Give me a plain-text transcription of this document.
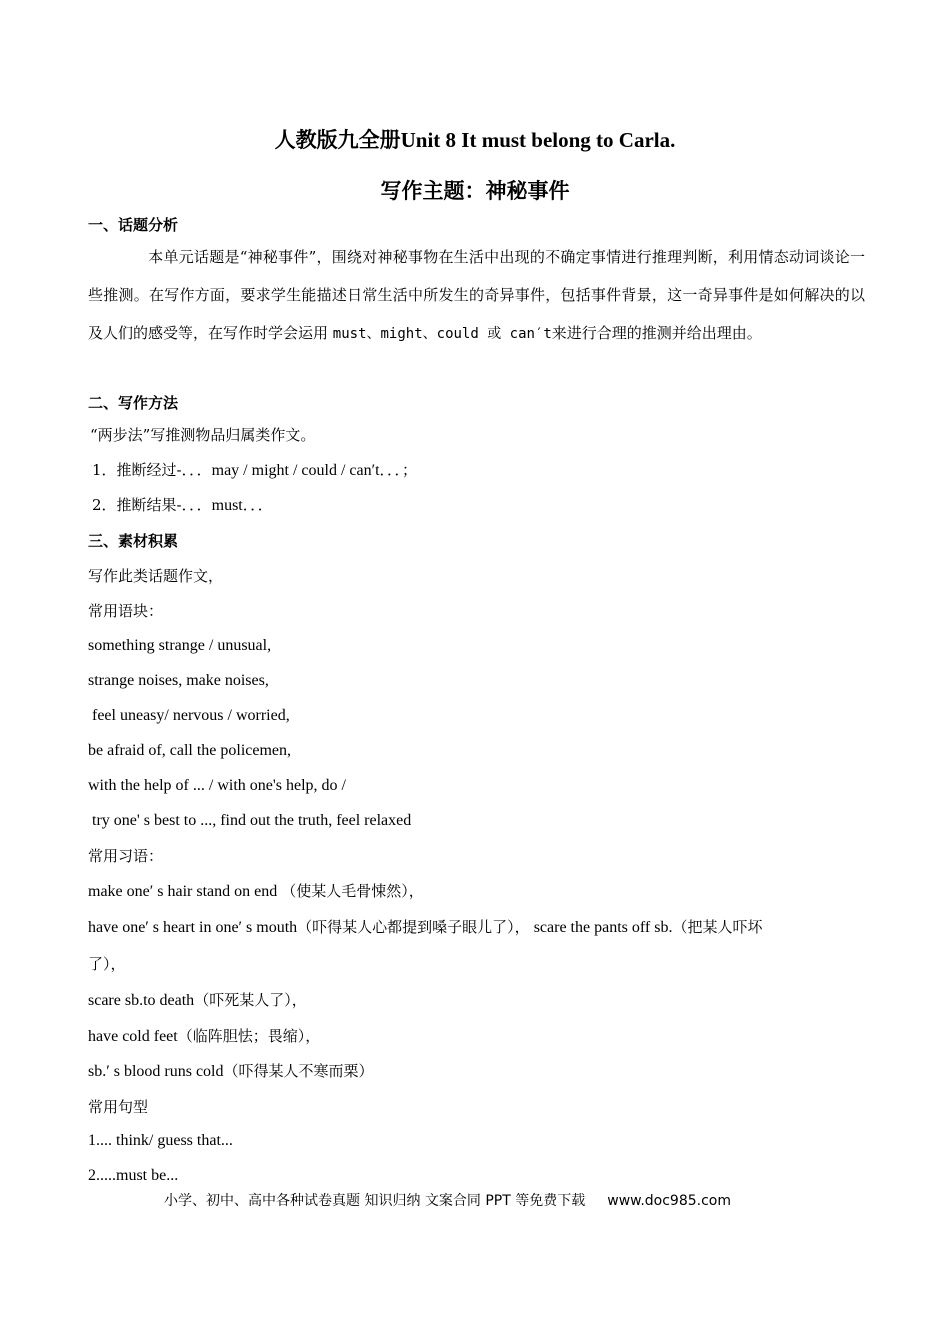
人教版九全册Unit 8 It must belong to Carla.
写作主题：神秘事件
一、话题分析
本单元话题是“神秘事件”，围绕对神秘事物在生活中出现的不确定事情进行推理判断，利用情态动词谈论一些推测。在写作方面，要求学生能描述日常生活中所发生的奇异事件，包括事件背景，这一奇异事件是如何解决的以及人们的感受等，在写作时学会运用 must、might、could 或 can′t来进行合理的推测并给出理由。
二、写作方法
“两步法”写推测物品归属类作文。
1．推断经过-．．．may / might / could / can′t．．．；
2．推断结果-．．．must．．．
三、素材积累
写作此类话题作文，
常用语块：
something strange / unusual,
strange noises, make noises,
feel uneasy/ nervous / worried,
be afraid of, call the policemen,
with the help of ... / with one's help, do /
try one' s best to ..., find out the truth, feel relaxed
常用习语：
make one′ s hair stand on end （使某人毛骨悚然），
have one′ s heart in one′ s mouth（吓得某人心都提到嗓子眼儿了）， scare the pants off sb.（把某人吓坏
了），
scare sb.to death（吓死某人了），
have cold feet（临阵胆怯；畏缩），
sb.′ s blood runs cold（吓得某人不寒而栗）
常用句型
1.... think/ guess that...
2.....must be...
小学、初中、高中各种试卷真题 知识归纳 文案合同 PPT 等免费下载 www.doc985.com
